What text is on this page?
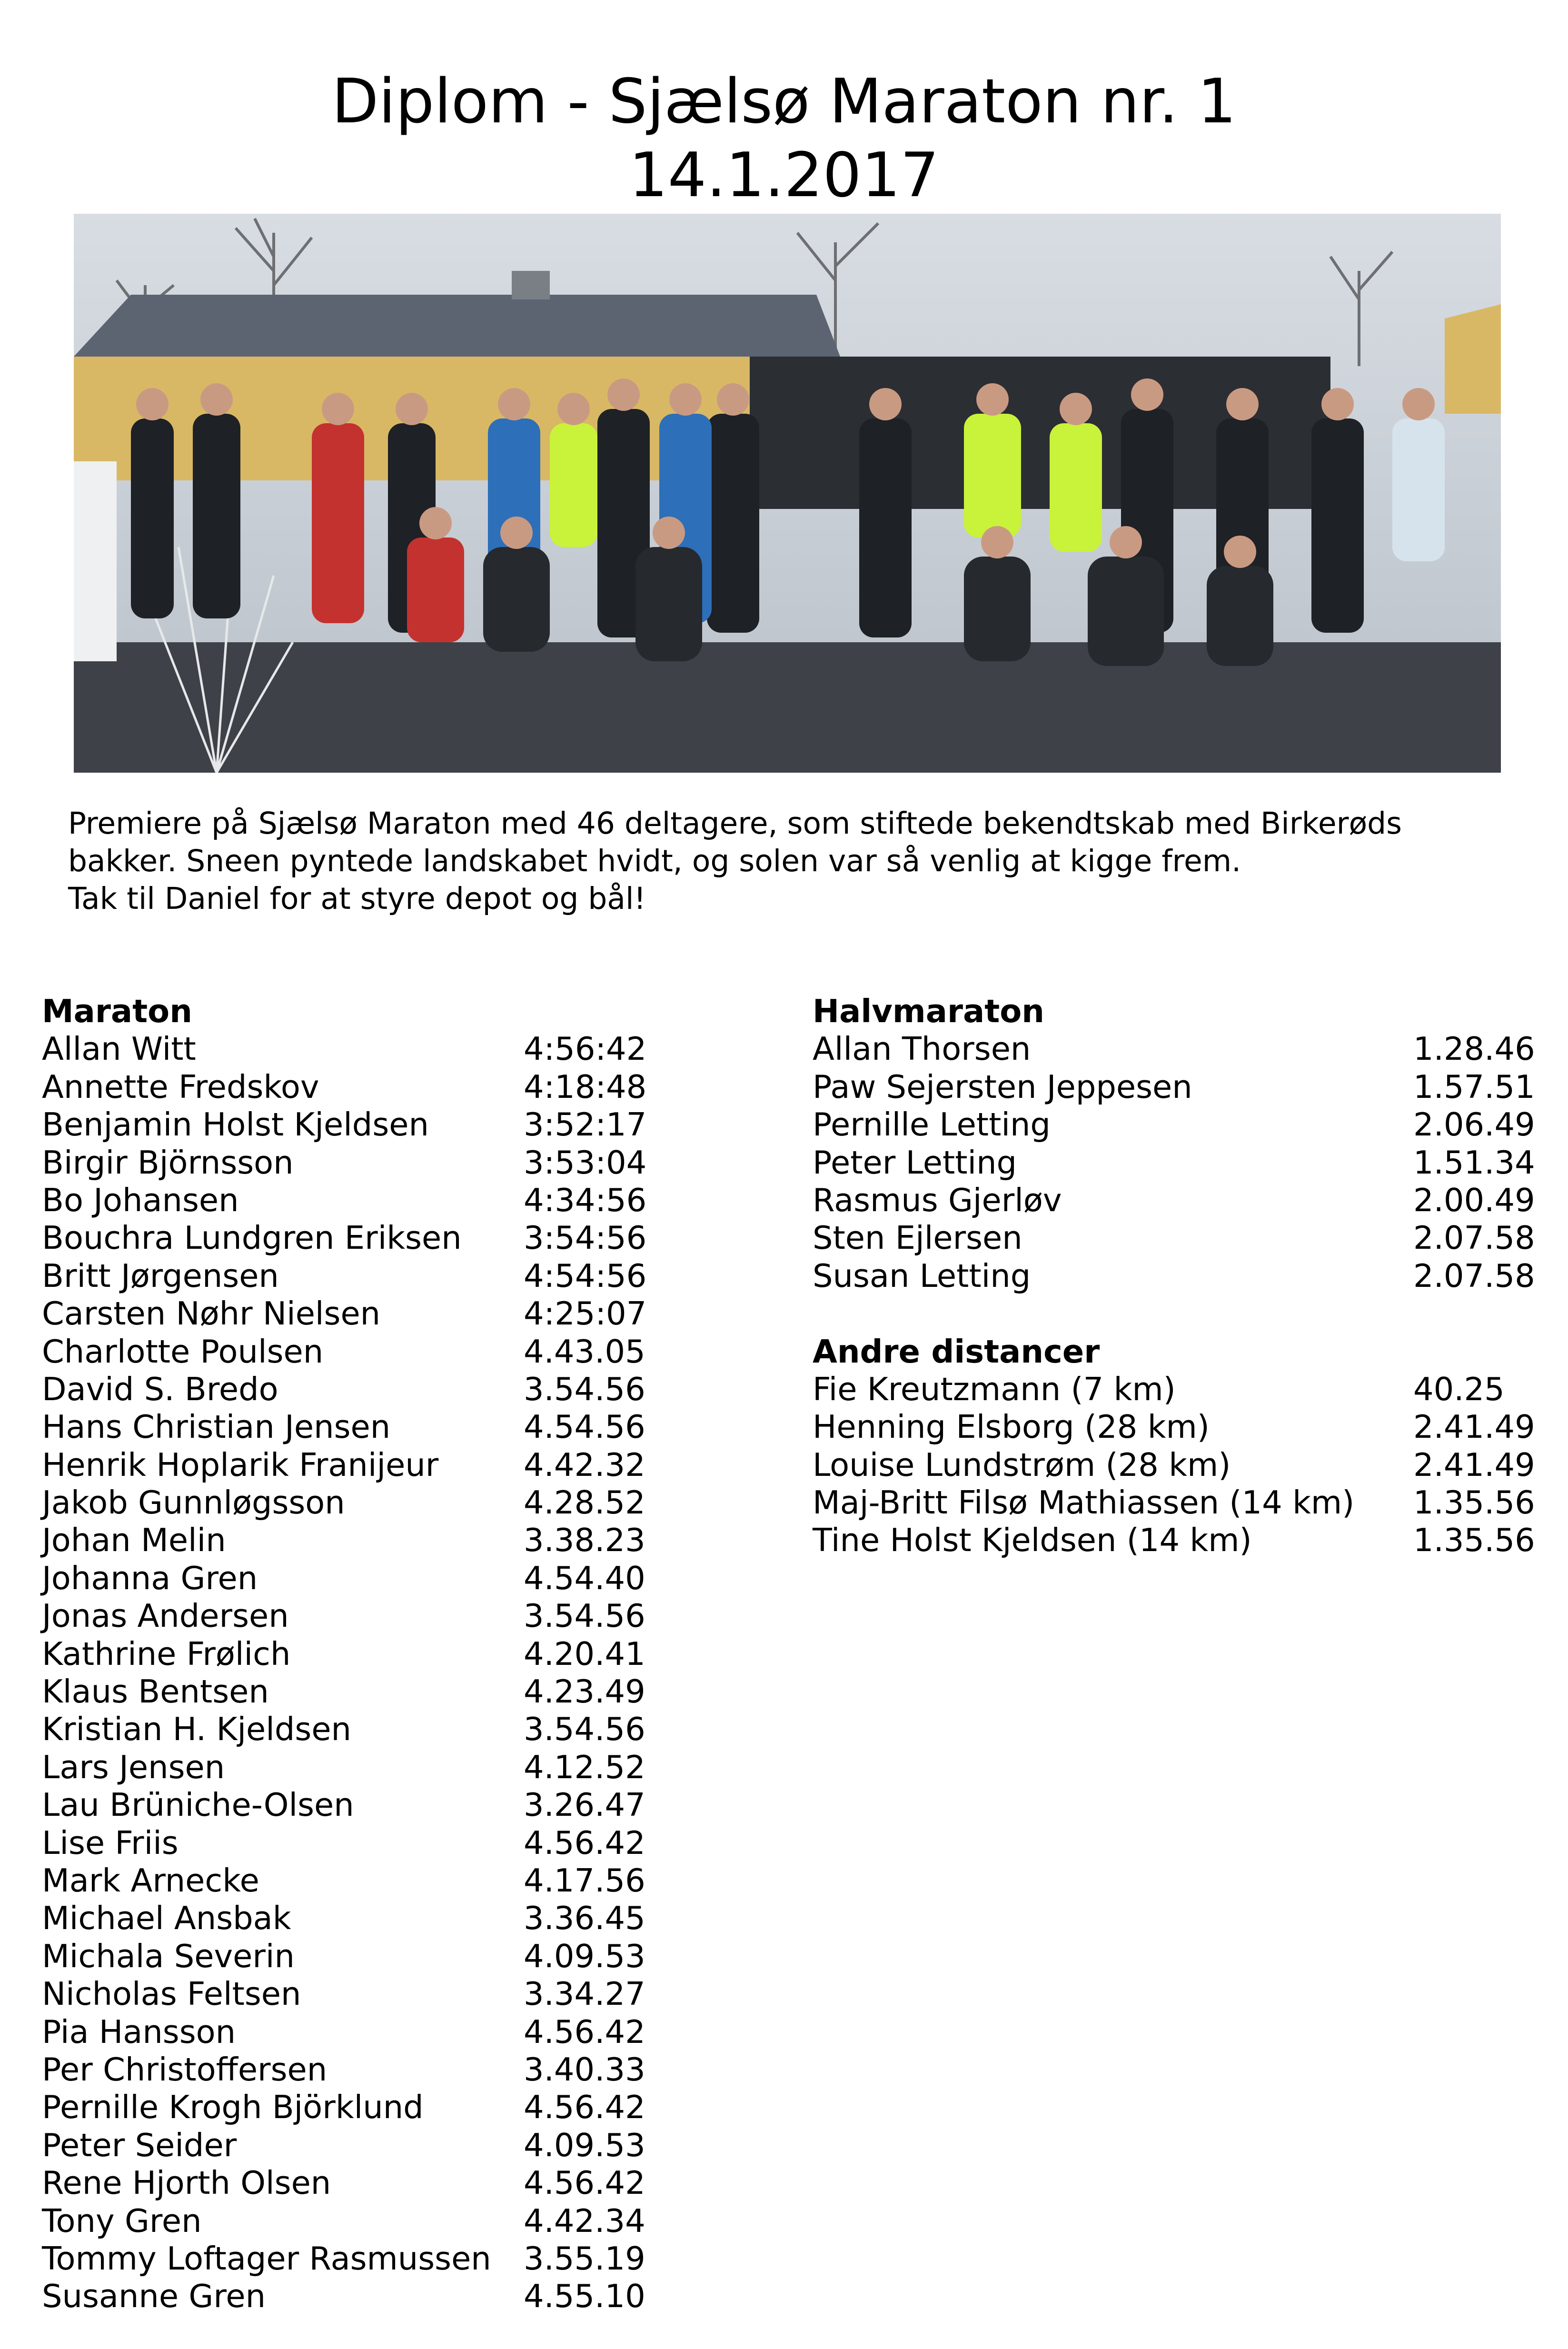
Diplom - Sjælsø Maraton nr. 1
14.1.2017
Premiere på Sjælsø Maraton med 46 deltagere, som stiftede bekendtskab med Birkerøds
bakker. Sneen pyntede landskabet hvidt, og solen var så venlig at kigge frem.
Tak til Daniel for at styre depot og bål!
Maraton
Allan Witt	4:56:42
Annette Fredskov	4:18:48
Benjamin Holst Kjeldsen	3:52:17
Birgir Björnsson	3:53:04
Bo Johansen	4:34:56
Bouchra Lundgren Eriksen 3:54:56
Britt Jørgensen	4:54:56
Carsten Nøhr Nielsen	4:25:07
Charlotte Poulsen	4.43.05
David S. Bredo	3.54.56
Hans Christian Jensen	4.54.56
Henrik Hoplarik Franijeur	4.42.32
Jakob Gunnløgsson	4.28.52
Johan Melin	3.38.23
Johanna Gren	4.54.40
Jonas Andersen	3.54.56
Kathrine Frølich	4.20.41
Klaus Bentsen	4.23.49
Kristian H. Kjeldsen	3.54.56
Lars Jensen	4.12.52
Lau Brüniche-Olsen	3.26.47
Lise Friis	4.56.42
Mark Arnecke	4.17.56
Michael Ansbak	3.36.45
Michala Severin	4.09.53
Nicholas Feltsen	3.34.27
Pia Hansson	4.56.42
Per Christoffersen	3.40.33
Pernille Krogh Björklund	4.56.42
Peter Seider	4.09.53
Rene Hjorth Olsen	4.56.42
Tony Gren	4.42.34
Tommy Loftager Rasmussen 3.55.19
Susanne Gren	4.55.10
Halvmaraton
Allan Thorsen	1.28.46
Paw Sejersten Jeppesen	1.57.51
Pernille Letting	2.06.49
Peter Letting	1.51.34
Rasmus Gjerløv	2.00.49
Sten Ejlersen	2.07.58
Susan Letting	2.07.58
Andre distancer
Fie Kreutzmann (7 km)	40.25
Henning Elsborg (28 km)	2.41.49
Louise Lundstrøm (28 km)	2.41.49
Maj-Britt Filsø Mathiassen (14 km) 1.35.56
Tine Holst Kjeldsen (14 km)	1.35.56
